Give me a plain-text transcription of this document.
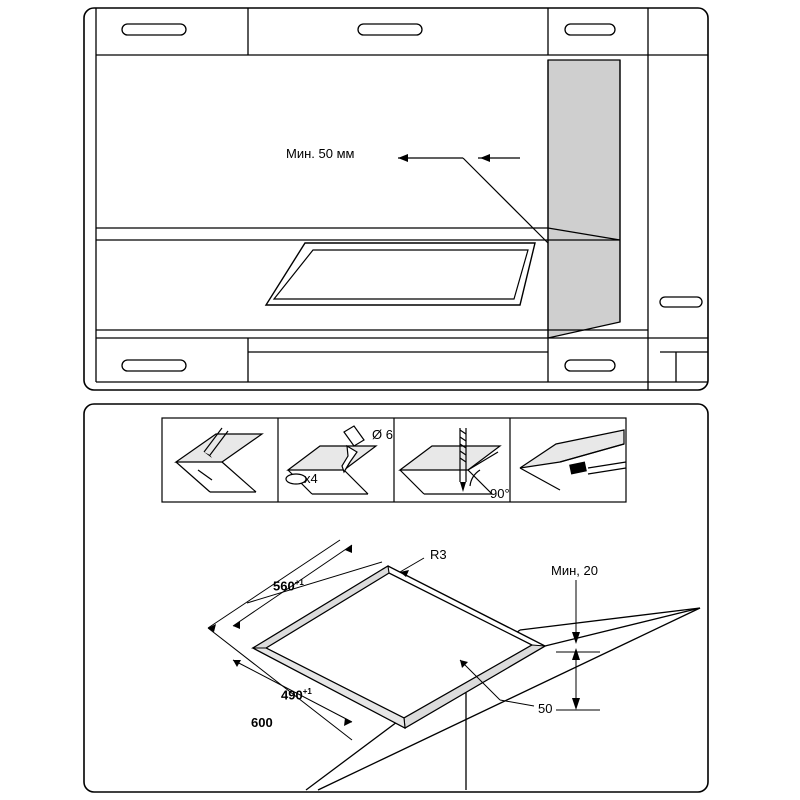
Мин. 50 мм
Ø 6
x4
90°
R3
Мин, 20
$560^{+1}$
$490^{+1}$
600
50
